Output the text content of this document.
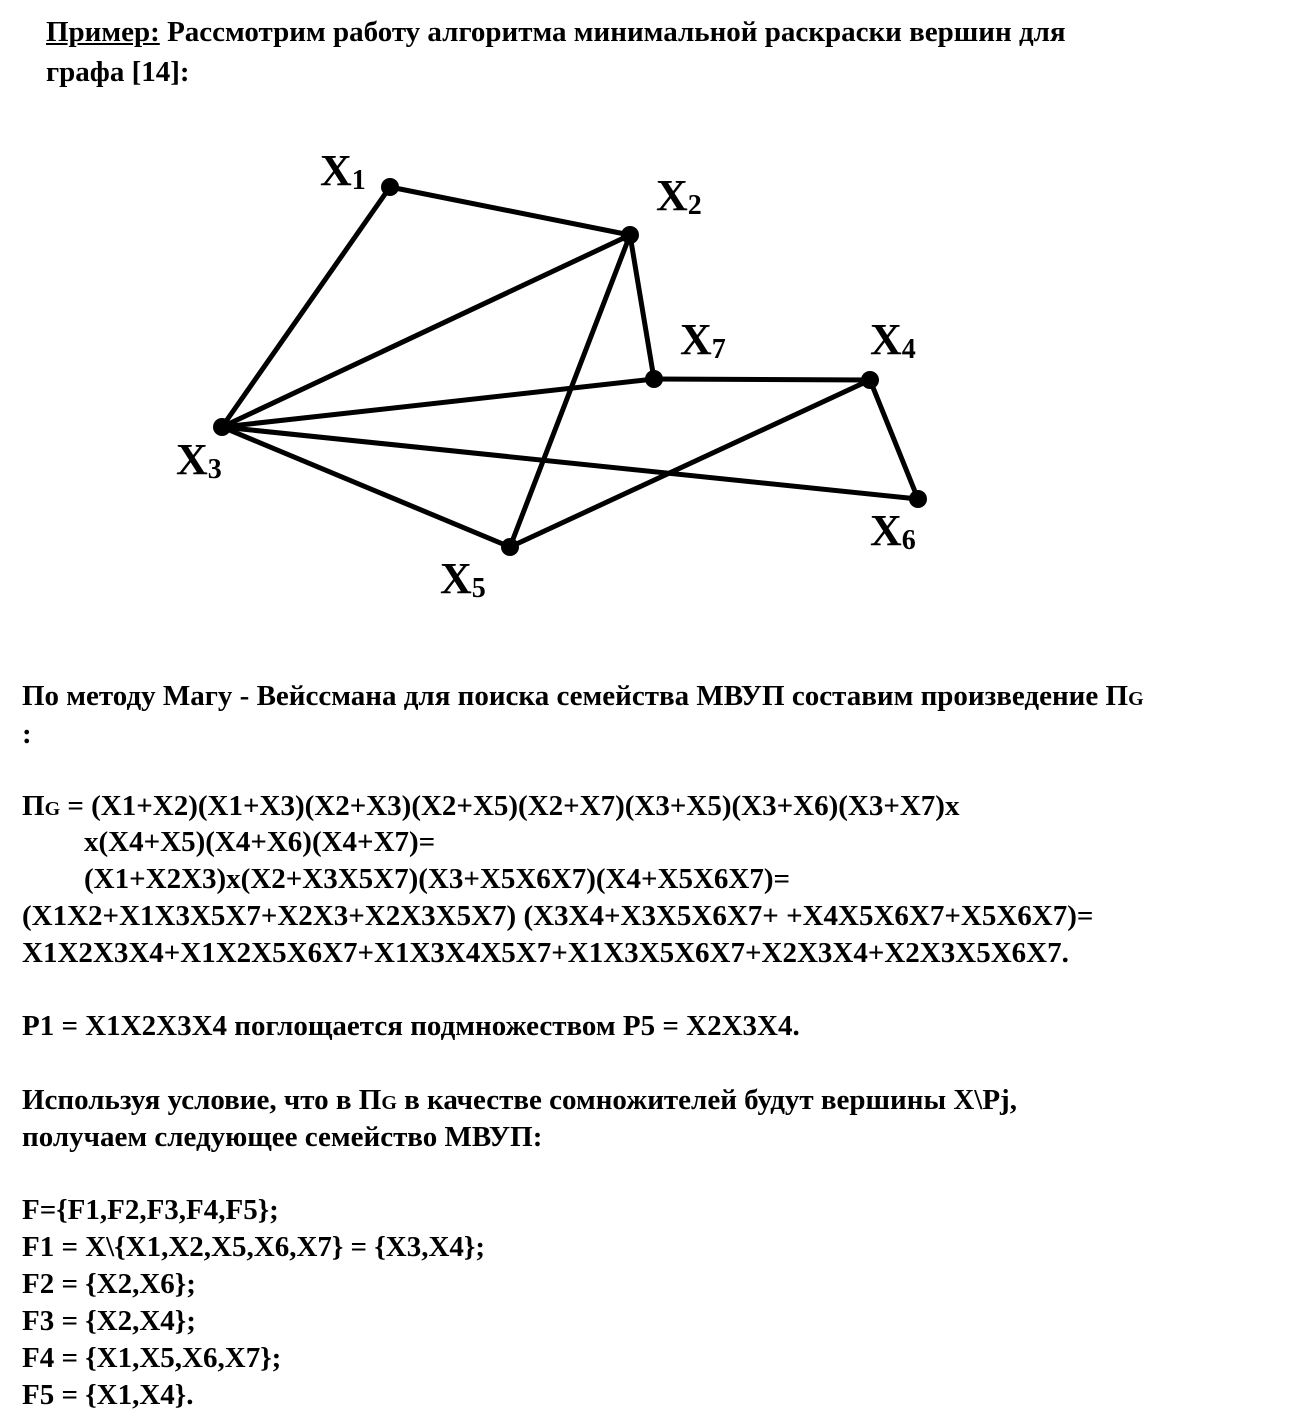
Пример: Рассмотрим работу алгоритма минимальной раскраски вершин для
графа [14]:
X1	X2
X3
X4
X5
X6
X7
По методу Магу - Вейссмана для поиска семейства МВУП составим произведение ПG
:
ПG = (X1+X2)(X1+X3)(X2+X3)(X2+X5)(X2+X7)(X3+X5)(X3+X6)(X3+X7)x
x(X4+X5)(X4+X6)(X4+X7)=
(X1+X2X3)x(X2+X3X5X7)(X3+X5X6X7)(X4+X5X6X7)=
(X1X2+X1X3X5X7+X2X3+X2X3X5X7) (X3X4+X3X5X6X7+ +X4X5X6X7+X5X6X7)=
X1X2X3X4+X1X2X5X6X7+X1X3X4X5X7+X1X3X5X6X7+X2X3X4+X2X3X5X6X7.
P1 = X1X2X3X4 поглощается подмножеством P5 = X2X3X4.
Используя условие, что в ПG в качестве сомножителей будут вершины X\Pj,
получаем следующее семейство МВУП:
F={F1,F2,F3,F4,F5};
F1 = X\{X1,X2,X5,X6,X7} = {X3,X4};
F2 = {X2,X6};
F3 = {X2,X4};
F4 = {X1,X5,X6,X7};
F5 = {X1,X4}.
